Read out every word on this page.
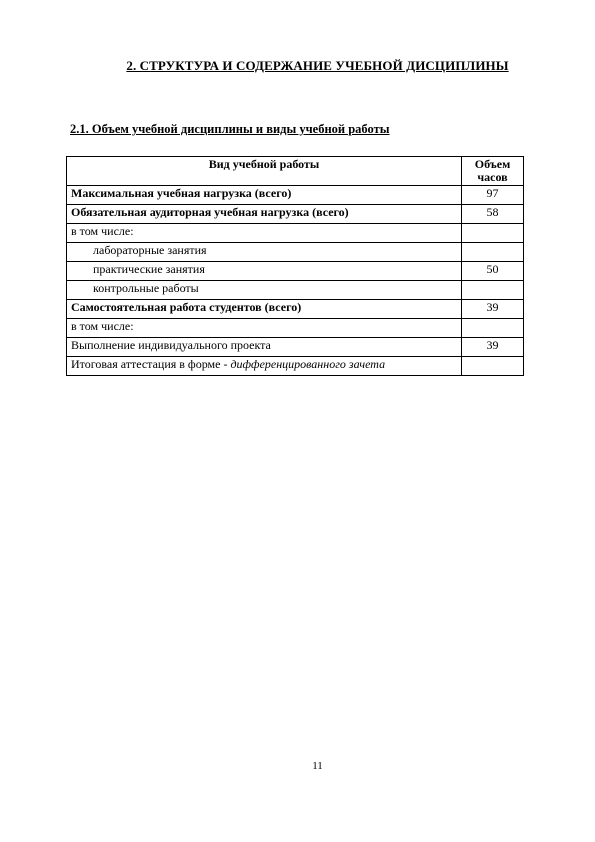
2. СТРУКТУРА И СОДЕРЖАНИЕ УЧЕБНОЙ ДИСЦИПЛИНЫ
2.1. Объем учебной дисциплины и виды учебной работы
Вид учебной работы	Объем часов
Максимальная учебная нагрузка (всего)	97
Обязательная аудиторная учебная нагрузка (всего)	58
в том числе:	
лабораторные занятия	
практические занятия	50
контрольные работы	
Самостоятельная работа студентов (всего)	39
в том числе:	
Выполнение индивидуального проекта	39
Итоговая аттестация в форме - дифференцированного зачета	
11
